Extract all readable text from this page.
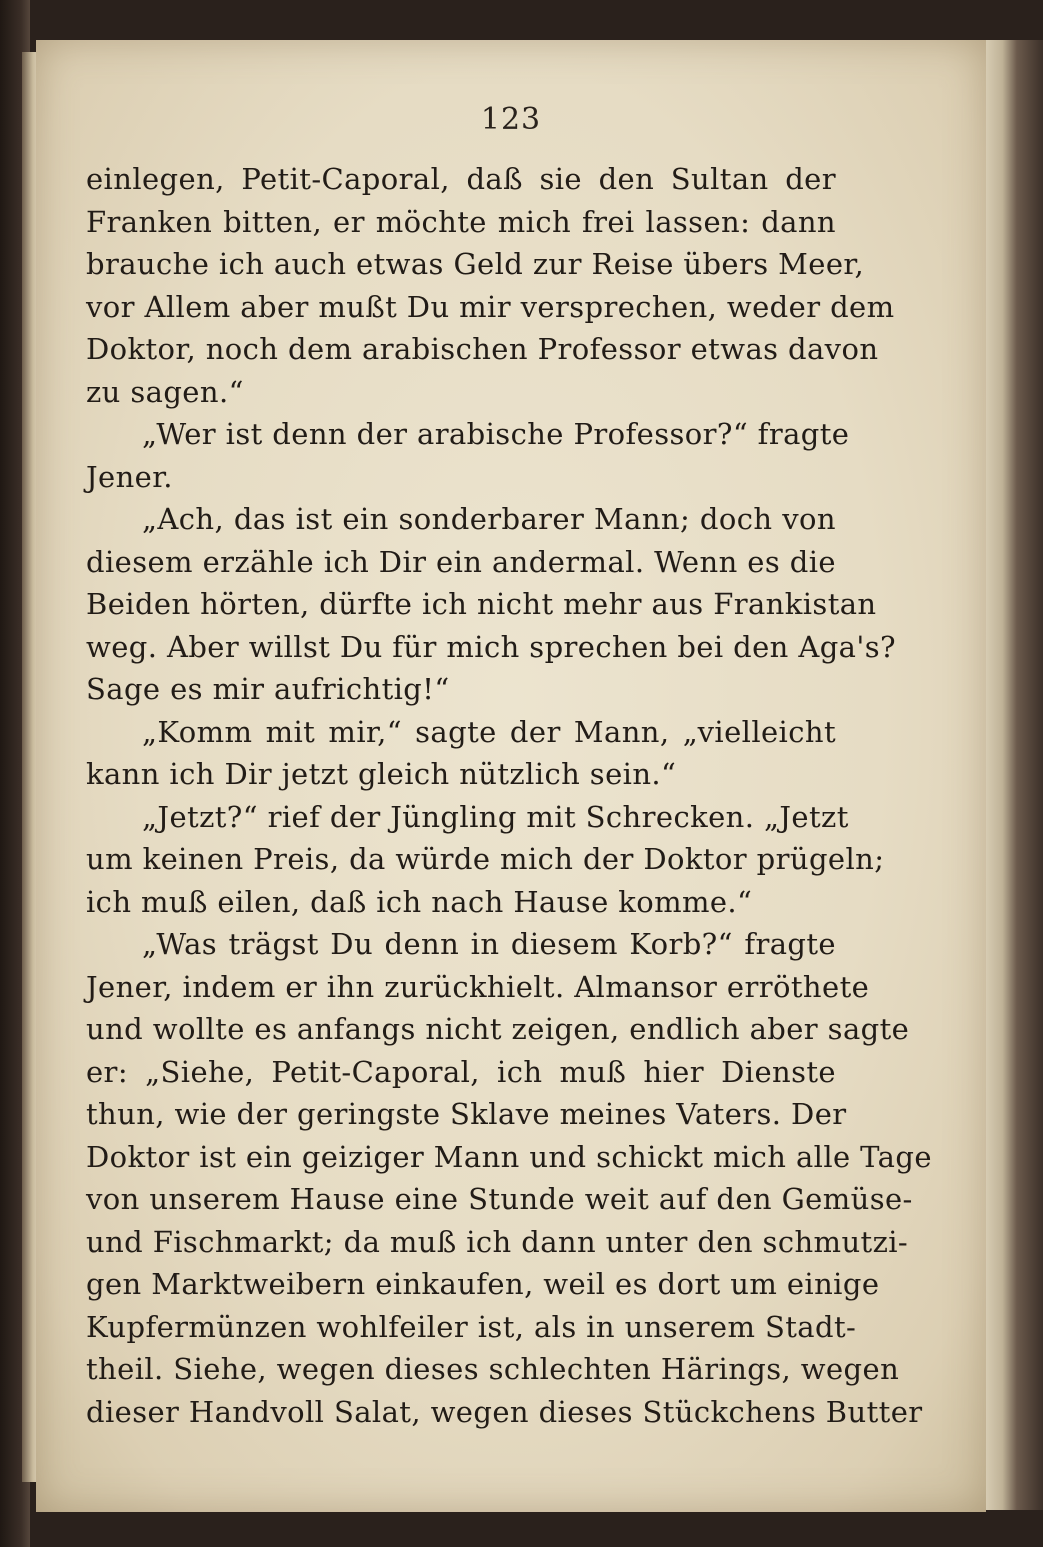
123
einlegen, Petit-Caporal, daß sie den Sultan der
Franken bitten, er möchte mich frei lassen: dann
brauche ich auch etwas Geld zur Reise übers Meer,
vor Allem aber mußt Du mir versprechen, weder dem
Doktor, noch dem arabischen Professor etwas davon
zu sagen.“
„Wer ist denn der arabische Professor?“ fragte
Jener.
„Ach, das ist ein sonderbarer Mann; doch von
diesem erzähle ich Dir ein andermal. Wenn es die
Beiden hörten, dürfte ich nicht mehr aus Frankistan
weg. Aber willst Du für mich sprechen bei den Aga's?
Sage es mir aufrichtig!“
„Komm mit mir,“ sagte der Mann, „vielleicht
kann ich Dir jetzt gleich nützlich sein.“
„Jetzt?“ rief der Jüngling mit Schrecken. „Jetzt
um keinen Preis, da würde mich der Doktor prügeln;
ich muß eilen, daß ich nach Hause komme.“
„Was trägst Du denn in diesem Korb?“ fragte
Jener, indem er ihn zurückhielt. Almansor erröthete
und wollte es anfangs nicht zeigen, endlich aber sagte
er: „Siehe, Petit-Caporal, ich muß hier Dienste
thun, wie der geringste Sklave meines Vaters. Der
Doktor ist ein geiziger Mann und schickt mich alle Tage
von unserem Hause eine Stunde weit auf den Gemüse-
und Fischmarkt; da muß ich dann unter den schmutzi-
gen Marktweibern einkaufen, weil es dort um einige
Kupfermünzen wohlfeiler ist, als in unserem Stadt-
theil. Siehe, wegen dieses schlechten Härings, wegen
dieser Handvoll Salat, wegen dieses Stückchens Butter
